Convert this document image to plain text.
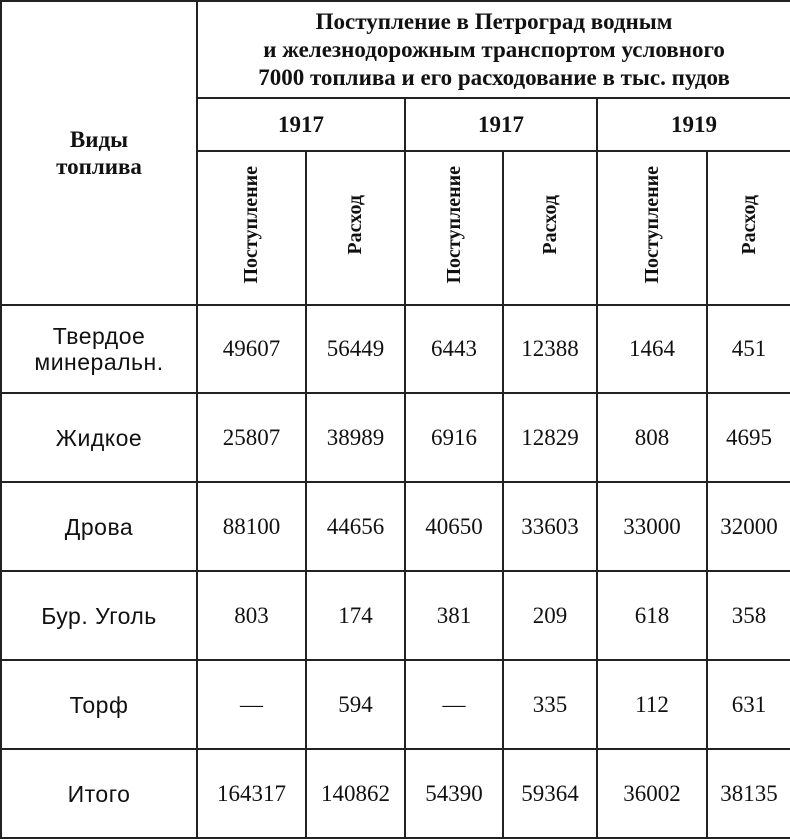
Виды
топлива	Поступление в Петроград водным
и железнодорожным транспортом условного
7000 топлива и его расходование в тыс. пудов					
	1917		1917		1919	
	Поступление	Расход	Поступление	Расход	Поступление	Расход
Твердое
минеральн.	49607	56449	6443	12388	1464	451
Жидкое	25807	38989	6916	12829	808	4695
Дрова	88100	44656	40650	33603	33000	32000
Бур. Уголь	803	174	381	209	618	358
Торф	—	594	—	335	112	631
Итого	164317	140862	54390	59364	36002	38135
